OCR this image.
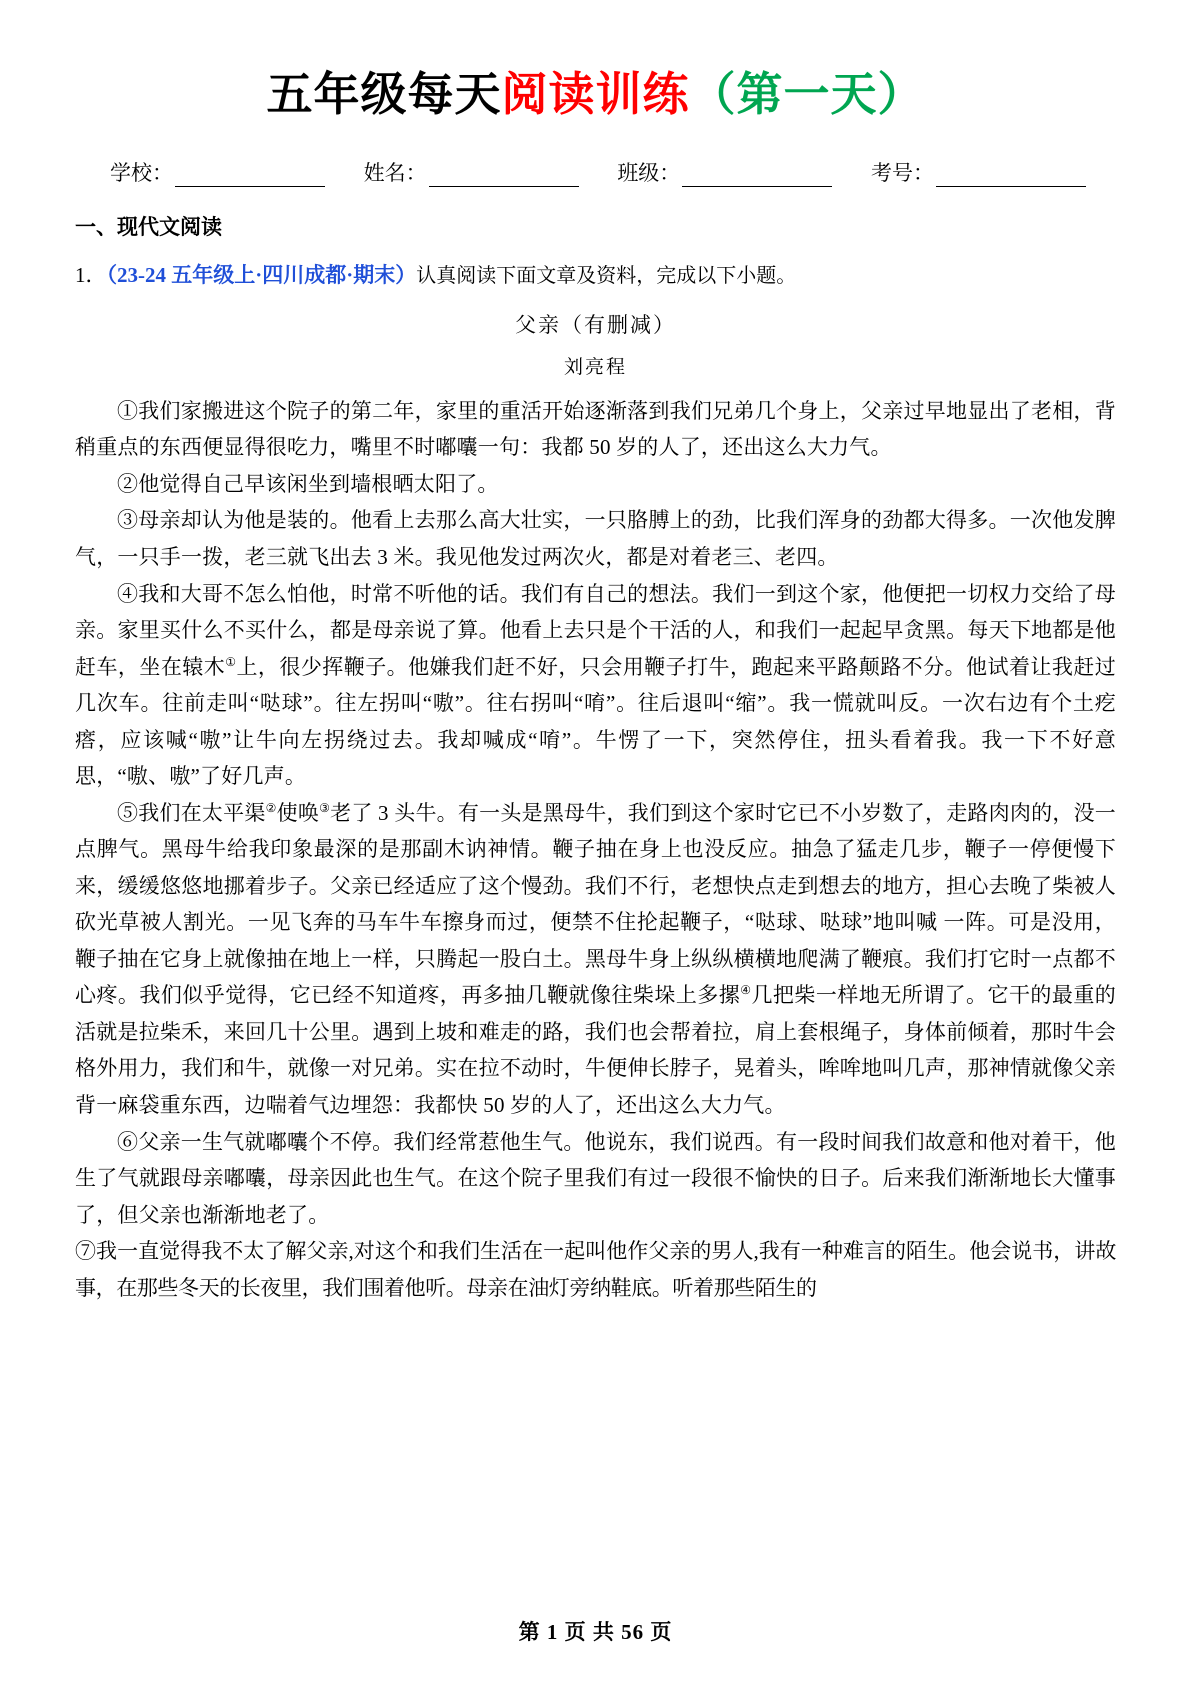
五年级每天阅读训练（第一天）
学校：	姓名：	班级：	考号：
一、现代文阅读
1．（23-24 五年级上·四川成都·期末）认真阅读下面文章及资料，完成以下小题。
父亲（有删减）
刘亮程

①我们家搬进这个院子的第二年，家里的重活开始逐渐落到我们兄弟几个身上，父亲过早地显出了老相，背稍重点的东西便显得很吃力，嘴里不时嘟囔一句：我都 50 岁的人了，还出这么大力气。

②他觉得自己早该闲坐到墙根晒太阳了。

③母亲却认为他是装的。他看上去那么高大壮实，一只胳膊上的劲，比我们浑身的劲都大得多。一次他发脾气，一只手一拨，老三就飞出去 3 米。我见他发过两次火，都是对着老三、老四。

④我和大哥不怎么怕他，时常不听他的话。我们有自己的想法。我们一到这个家，他便把一切权力交给了母亲。家里买什么不买什么，都是母亲说了算。他看上去只是个干活的人，和我们一起起早贪黑。每天下地都是他赶车，坐在辕木①上，很少挥鞭子。他嫌我们赶不好，只会用鞭子打牛，跑起来平路颠路不分。他试着让我赶过几次车。往前走叫“哒球”。往左拐叫“嗷”。往右拐叫“唷”。往后退叫“缩”。我一慌就叫反。一次右边有个土疙瘩，应该喊“嗷”让牛向左拐绕过去。我却喊成“唷”。牛愣了一下，突然停住，扭头看着我。我一下不好意思，“嗷、嗷”了好几声。

⑤我们在太平渠②使唤③老了 3 头牛。有一头是黑母牛，我们到这个家时它已不小岁数了，走路肉肉的，没一点脾气。黑母牛给我印象最深的是那副木讷神情。鞭子抽在身上也没反应。抽急了猛走几步，鞭子一停便慢下来，缓缓悠悠地挪着步子。父亲已经适应了这个慢劲。我们不行，老想快点走到想去的地方，担心去晚了柴被人砍光草被人割光。一见飞奔的马车牛车擦身而过，便禁不住抡起鞭子，“哒球、哒球”地叫喊 一阵。可是没用，鞭子抽在它身上就像抽在地上一样，只腾起一股白土。黑母牛身上纵纵横横地爬满了鞭痕。我们打它时一点都不心疼。我们似乎觉得，它已经不知道疼，再多抽几鞭就像往柴垛上多摞④几把柴一样地无所谓了。它干的最重的活就是拉柴禾，来回几十公里。遇到上坡和难走的路，我们也会帮着拉，肩上套根绳子，身体前倾着，那时牛会格外用力，我们和牛，就像一对兄弟。实在拉不动时，牛便伸长脖子，晃着头，哞哞地叫几声，那神情就像父亲背一麻袋重东西，边喘着气边埋怨：我都快 50 岁的人了，还出这么大力气。

⑥父亲一生气就嘟囔个不停。我们经常惹他生气。他说东，我们说西。有一段时间我们故意和他对着干，他生了气就跟母亲嘟囔，母亲因此也生气。在这个院子里我们有过一段很不愉快的日子。后来我们渐渐地长大懂事了，但父亲也渐渐地老了。

⑦我一直觉得我不太了解父亲,对这个和我们生活在一起叫他作父亲的男人,我有一种难言的陌生。他会说书，讲故事，在那些冬天的长夜里，我们围着他听。母亲在油灯旁纳鞋底。听着那些陌生的

第 1 页 共 56 页
